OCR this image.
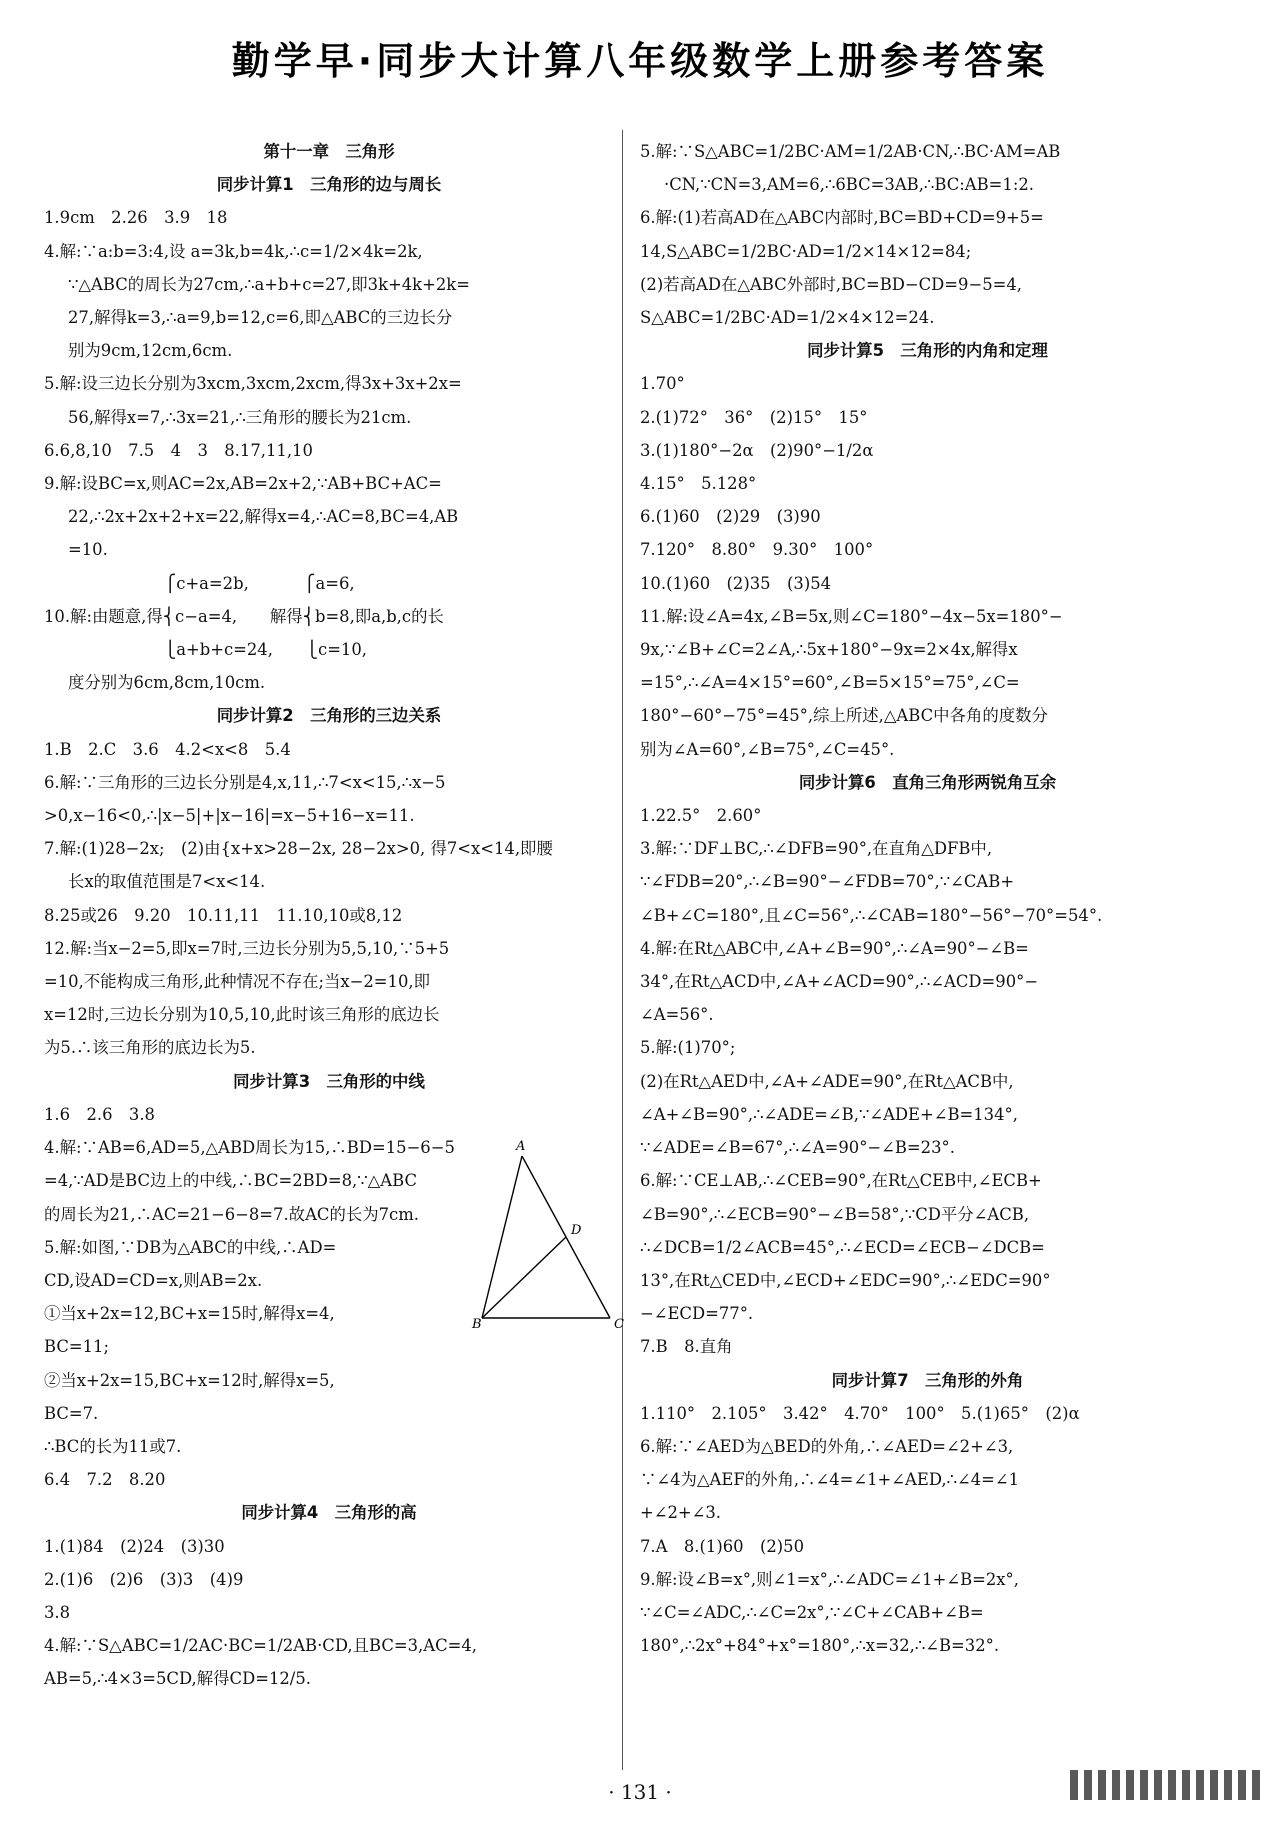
勤学早·同步大计算八年级数学上册参考答案
第十一章　三角形
同步计算1　三角形的边与周长
1.9cm　2.26　3.9　18
4.解:∵a:b=3:4,设 a=3k,b=4k,∴c=1/2×4k=2k,
∵△ABC的周长为27cm,∴a+b+c=27,即3k+4k+2k=
27,解得k=3,∴a=9,b=12,c=6,即△ABC的三边长分
别为9cm,12cm,6cm.
5.解:设三边长分别为3xcm,3xcm,2xcm,得3x+3x+2x=
56,解得x=7,∴3x=21,∴三角形的腰长为21cm.
6.6,8,10　7.5　4　3　8.17,11,10
9.解:设BC=x,则AC=2x,AB=2x+2,∵AB+BC+AC=
22,∴2x+2x+2+x=22,解得x=4,∴AC=8,BC=4,AB
=10.
　　　　　　　 ⎧c+a=2b,　　　 ⎧a=6,
10.解:由题意,得⎨c−a=4,　　解得⎨b=8,即a,b,c的长
　　　　　　　 ⎩a+b+c=24,　　⎩c=10,
度分别为6cm,8cm,10cm.
同步计算2　三角形的三边关系
1.B　2.C　3.6　4.2<x<8　5.4
6.解:∵三角形的三边长分别是4,x,11,∴7<x<15,∴x−5
>0,x−16<0,∴|x−5|+|x−16|=x−5+16−x=11.
7.解:(1)28−2x;　(2)由{x+x>28−2x, 28−2x>0, 得7<x<14,即腰
长x的取值范围是7<x<14.
8.25或26　9.20　10.11,11　11.10,10或8,12
12.解:当x−2=5,即x=7时,三边长分别为5,5,10,∵5+5
=10,不能构成三角形,此种情况不存在;当x−2=10,即
x=12时,三边长分别为10,5,10,此时该三角形的底边长
为5.∴该三角形的底边长为5.
同步计算3　三角形的中线
1.6　2.6　3.8
4.解:∵AB=6,AD=5,△ABD周长为15,∴BD=15−6−5
=4,∵AD是BC边上的中线,∴BC=2BD=8,∵△ABC
的周长为21,∴AC=21−6−8=7.故AC的长为7cm.
5.解:如图,∵DB为△ABC的中线,∴AD=
CD,设AD=CD=x,则AB=2x.
①当x+2x=12,BC+x=15时,解得x=4,
BC=11;
②当x+2x=15,BC+x=12时,解得x=5,
BC=7.
∴BC的长为11或7.
6.4　7.2　8.20
同步计算4　三角形的高
1.(1)84　(2)24　(3)30
2.(1)6　(2)6　(3)3　(4)9
3.8
4.解:∵S△ABC=1/2AC·BC=1/2AB·CD,且BC=3,AC=4,
AB=5,∴4×3=5CD,解得CD=12/5.
5.解:∵S△ABC=1/2BC·AM=1/2AB·CN,∴BC·AM=AB
·CN,∵CN=3,AM=6,∴6BC=3AB,∴BC:AB=1:2.
6.解:(1)若高AD在△ABC内部时,BC=BD+CD=9+5=
14,S△ABC=1/2BC·AD=1/2×14×12=84;
(2)若高AD在△ABC外部时,BC=BD−CD=9−5=4,
S△ABC=1/2BC·AD=1/2×4×12=24.
同步计算5　三角形的内角和定理
1.70°
2.(1)72°　36°　(2)15°　15°
3.(1)180°−2α　(2)90°−1/2α
4.15°　5.128°
6.(1)60　(2)29　(3)90
7.120°　8.80°　9.30°　100°
10.(1)60　(2)35　(3)54
11.解:设∠A=4x,∠B=5x,则∠C=180°−4x−5x=180°−
9x,∵∠B+∠C=2∠A,∴5x+180°−9x=2×4x,解得x
=15°,∴∠A=4×15°=60°,∠B=5×15°=75°,∠C=
180°−60°−75°=45°,综上所述,△ABC中各角的度数分
别为∠A=60°,∠B=75°,∠C=45°.
同步计算6　直角三角形两锐角互余
1.22.5°　2.60°
3.解:∵DF⊥BC,∴∠DFB=90°,在直角△DFB中,
∵∠FDB=20°,∴∠B=90°−∠FDB=70°,∵∠CAB+
∠B+∠C=180°,且∠C=56°,∴∠CAB=180°−56°−70°=54°.
4.解:在Rt△ABC中,∠A+∠B=90°,∴∠A=90°−∠B=
34°,在Rt△ACD中,∠A+∠ACD=90°,∴∠ACD=90°−
∠A=56°.
5.解:(1)70°;
(2)在Rt△AED中,∠A+∠ADE=90°,在Rt△ACB中,
∠A+∠B=90°,∴∠ADE=∠B,∵∠ADE+∠B=134°,
∵∠ADE=∠B=67°,∴∠A=90°−∠B=23°.
6.解:∵CE⊥AB,∴∠CEB=90°,在Rt△CEB中,∠ECB+
∠B=90°,∴∠ECB=90°−∠B=58°,∵CD平分∠ACB,
∴∠DCB=1/2∠ACB=45°,∴∠ECD=∠ECB−∠DCB=
13°,在Rt△CED中,∠ECD+∠EDC=90°,∴∠EDC=90°
−∠ECD=77°.
7.B　8.直角
同步计算7　三角形的外角
1.110°　2.105°　3.42°　4.70°　100°　5.(1)65°　(2)α
6.解:∵∠AED为△BED的外角,∴∠AED=∠2+∠3,
∵∠4为△AEF的外角,∴∠4=∠1+∠AED,∴∠4=∠1
+∠2+∠3.
7.A　8.(1)60　(2)50
9.解:设∠B=x°,则∠1=x°,∴∠ADC=∠1+∠B=2x°,
∵∠C=∠ADC,∴∠C=2x°,∵∠C+∠CAB+∠B=
180°,∴2x°+84°+x°=180°,∴x=32,∴∠B=32°.
A
B	C
D
· 131 ·
